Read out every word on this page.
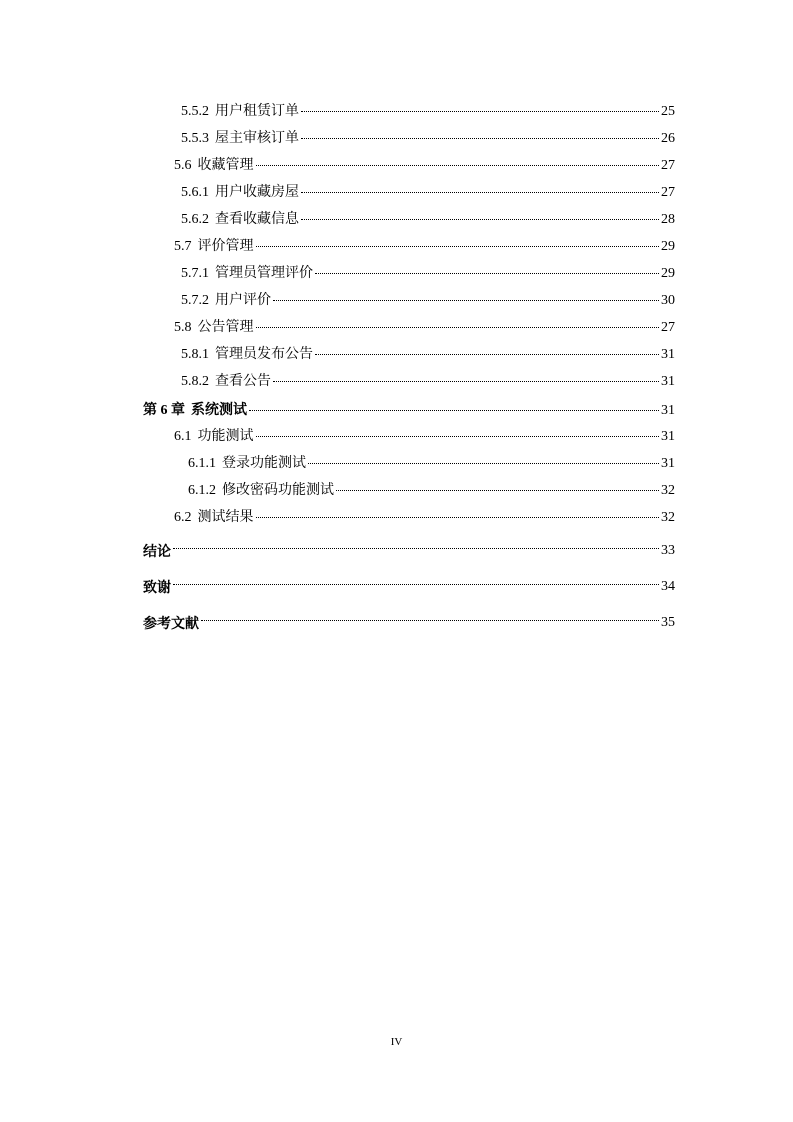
5.5.2 用户租赁订单	25
5.5.3 屋主审核订单	26
5.6 收藏管理	27
5.6.1 用户收藏房屋	27
5.6.2 查看收藏信息	28
5.7 评价管理	29
5.7.1 管理员管理评价	29
5.7.2 用户评价	30
5.8 公告管理	27
5.8.1 管理员发布公告	31
5.8.2 查看公告	31
第 6 章 系统测试	31
6.1 功能测试	31
6.1.1 登录功能测试	31
6.1.2 修改密码功能测试	32
6.2 测试结果	32
结论	33
致谢	34
参考文献	35
IV
